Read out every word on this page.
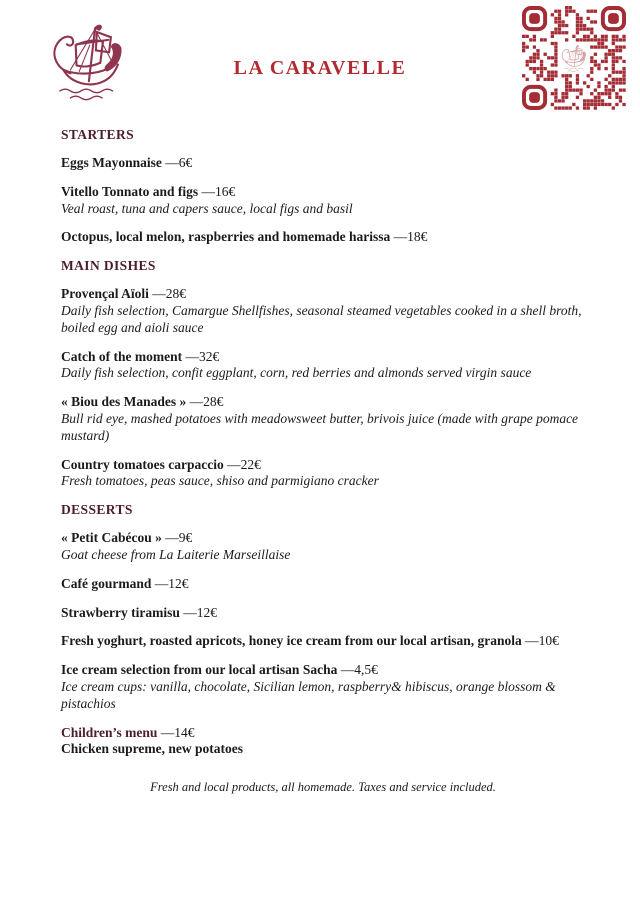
LA CARAVELLE
STARTERS

Eggs Mayonnaise —6€

Vitello Tonnato and figs —16€

Veal roast, tuna and capers sauce, local figs and basil

Octopus, local melon, raspberries and homemade harissa —18€

MAIN DISHES

Provençal Aïoli —28€

Daily fish selection, Camargue Shellfishes, seasonal steamed vegetables cooked in a shell broth, boiled egg and aioli sauce

Catch of the moment —32€

Daily fish selection, confit eggplant, corn, red berries and almonds served virgin sauce

« Biou des Manades » —28€

Bull rid eye, mashed potatoes with meadowsweet butter, brivois juice (made with grape pomace mustard)

Country tomatoes carpaccio —22€

Fresh tomatoes, peas sauce, shiso and parmigiano cracker

DESSERTS

« Petit Cabécou » —9€

Goat cheese from La Laiterie Marseillaise

Café gourmand —12€

Strawberry tiramisu —12€

Fresh yoghurt, roasted apricots, honey ice cream from our local artisan, granola —10€

Ice cream selection from our local artisan Sacha —4,5€

Ice cream cups: vanilla, chocolate, Sicilian lemon, raspberry& hibiscus, orange blossom & pistachios

Children’s menu —14€

Chicken supreme, new potatoes

Fresh and local products, all homemade. Taxes and service included.
